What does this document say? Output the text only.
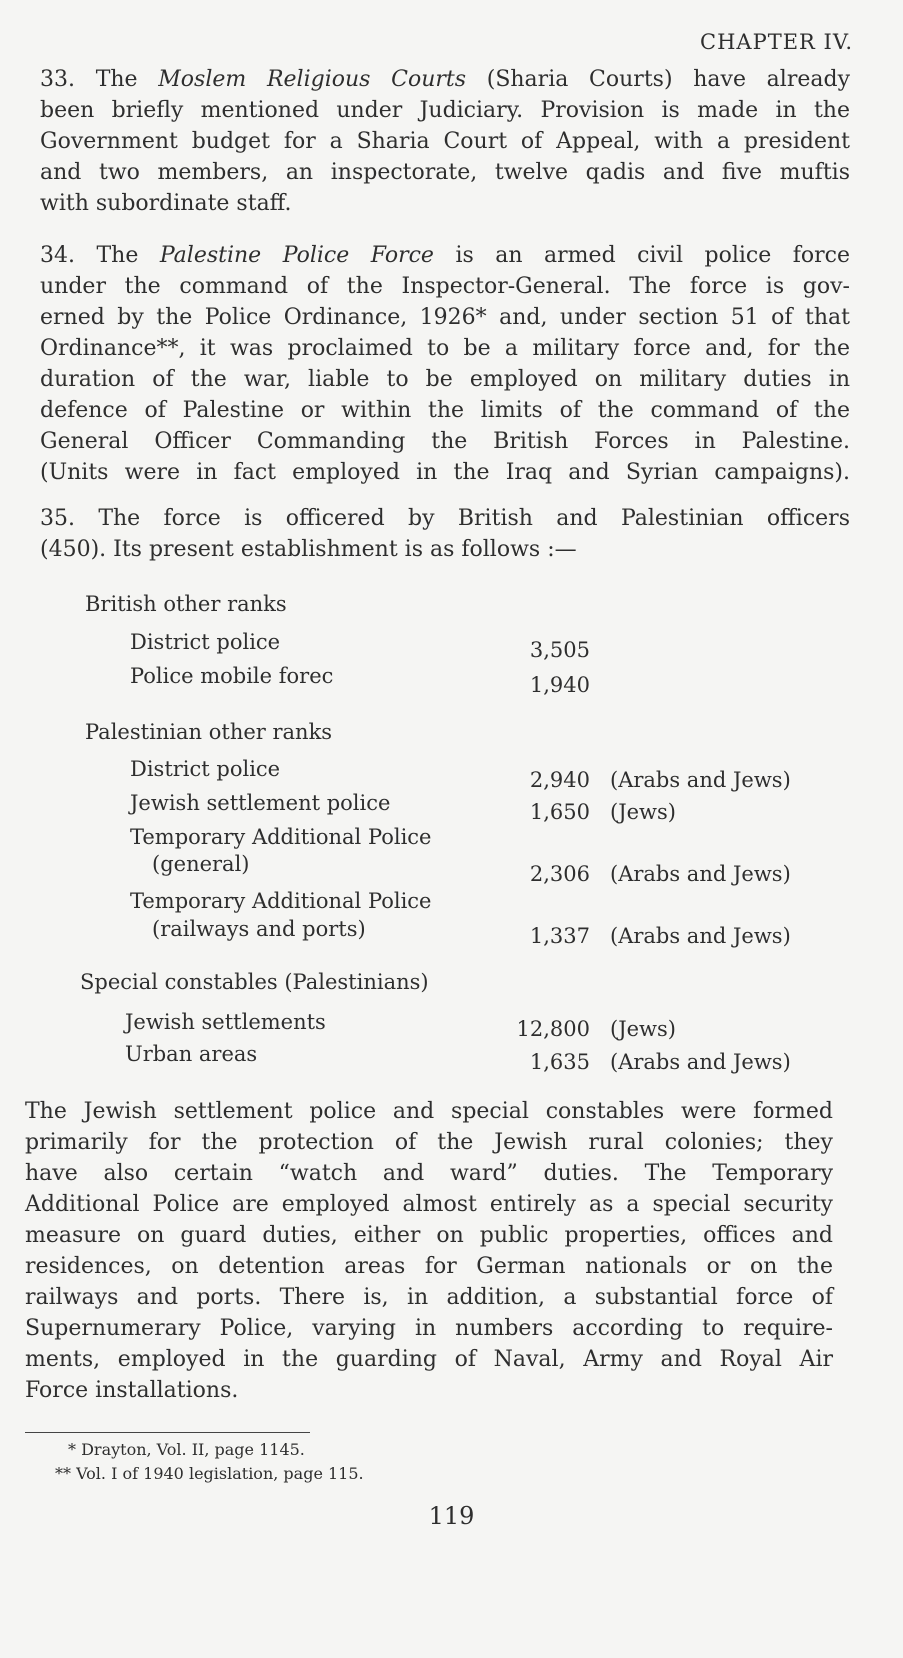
CHAPTER IV.
33. The Moslem Religious Courts (Sharia Courts) have already
been briefly mentioned under Judiciary. Provision is made in the
Government budget for a Sharia Court of Appeal, with a president
and two members, an inspectorate, twelve qadis and five muftis
with subordinate staff.
34. The Palestine Police Force is an armed civil police force
under the command of the Inspector-General. The force is gov-
erned by the Police Ordinance, 1926* and, under section 51 of that
Ordinance**, it was proclaimed to be a military force and, for the
duration of the war, liable to be employed on military duties in
defence of Palestine or within the limits of the command of the
General Officer Commanding the British Forces in Palestine.
(Units were in fact employed in the Iraq and Syrian campaigns).
35. The force is officered by British and Palestinian officers
(450). Its present establishment is as follows :—
British other ranks
District police	3,505
Police mobile forec	1,940
Palestinian other ranks
District police	2,940 (Arabs and Jews)
Jewish settlement police	1,650 (Jews)
Temporary Additional Police
(general)	2,306 (Arabs and Jews)
Temporary Additional Police
(railways and ports)	1,337 (Arabs and Jews)
Special constables (Palestinians)
Jewish settlements	12,800 (Jews)
Urban areas	1,635 (Arabs and Jews)
The Jewish settlement police and special constables were formed
primarily for the protection of the Jewish rural colonies; they
have also certain “watch and ward” duties. The Temporary
Additional Police are employed almost entirely as a special security
measure on guard duties, either on public properties, offices and
residences, on detention areas for German nationals or on the
railways and ports. There is, in addition, a substantial force of
Supernumerary Police, varying in numbers according to require-
ments, employed in the guarding of Naval, Army and Royal Air
Force installations.
* Drayton, Vol. II, page 1145.
** Vol. I of 1940 legislation, page 115.
119
